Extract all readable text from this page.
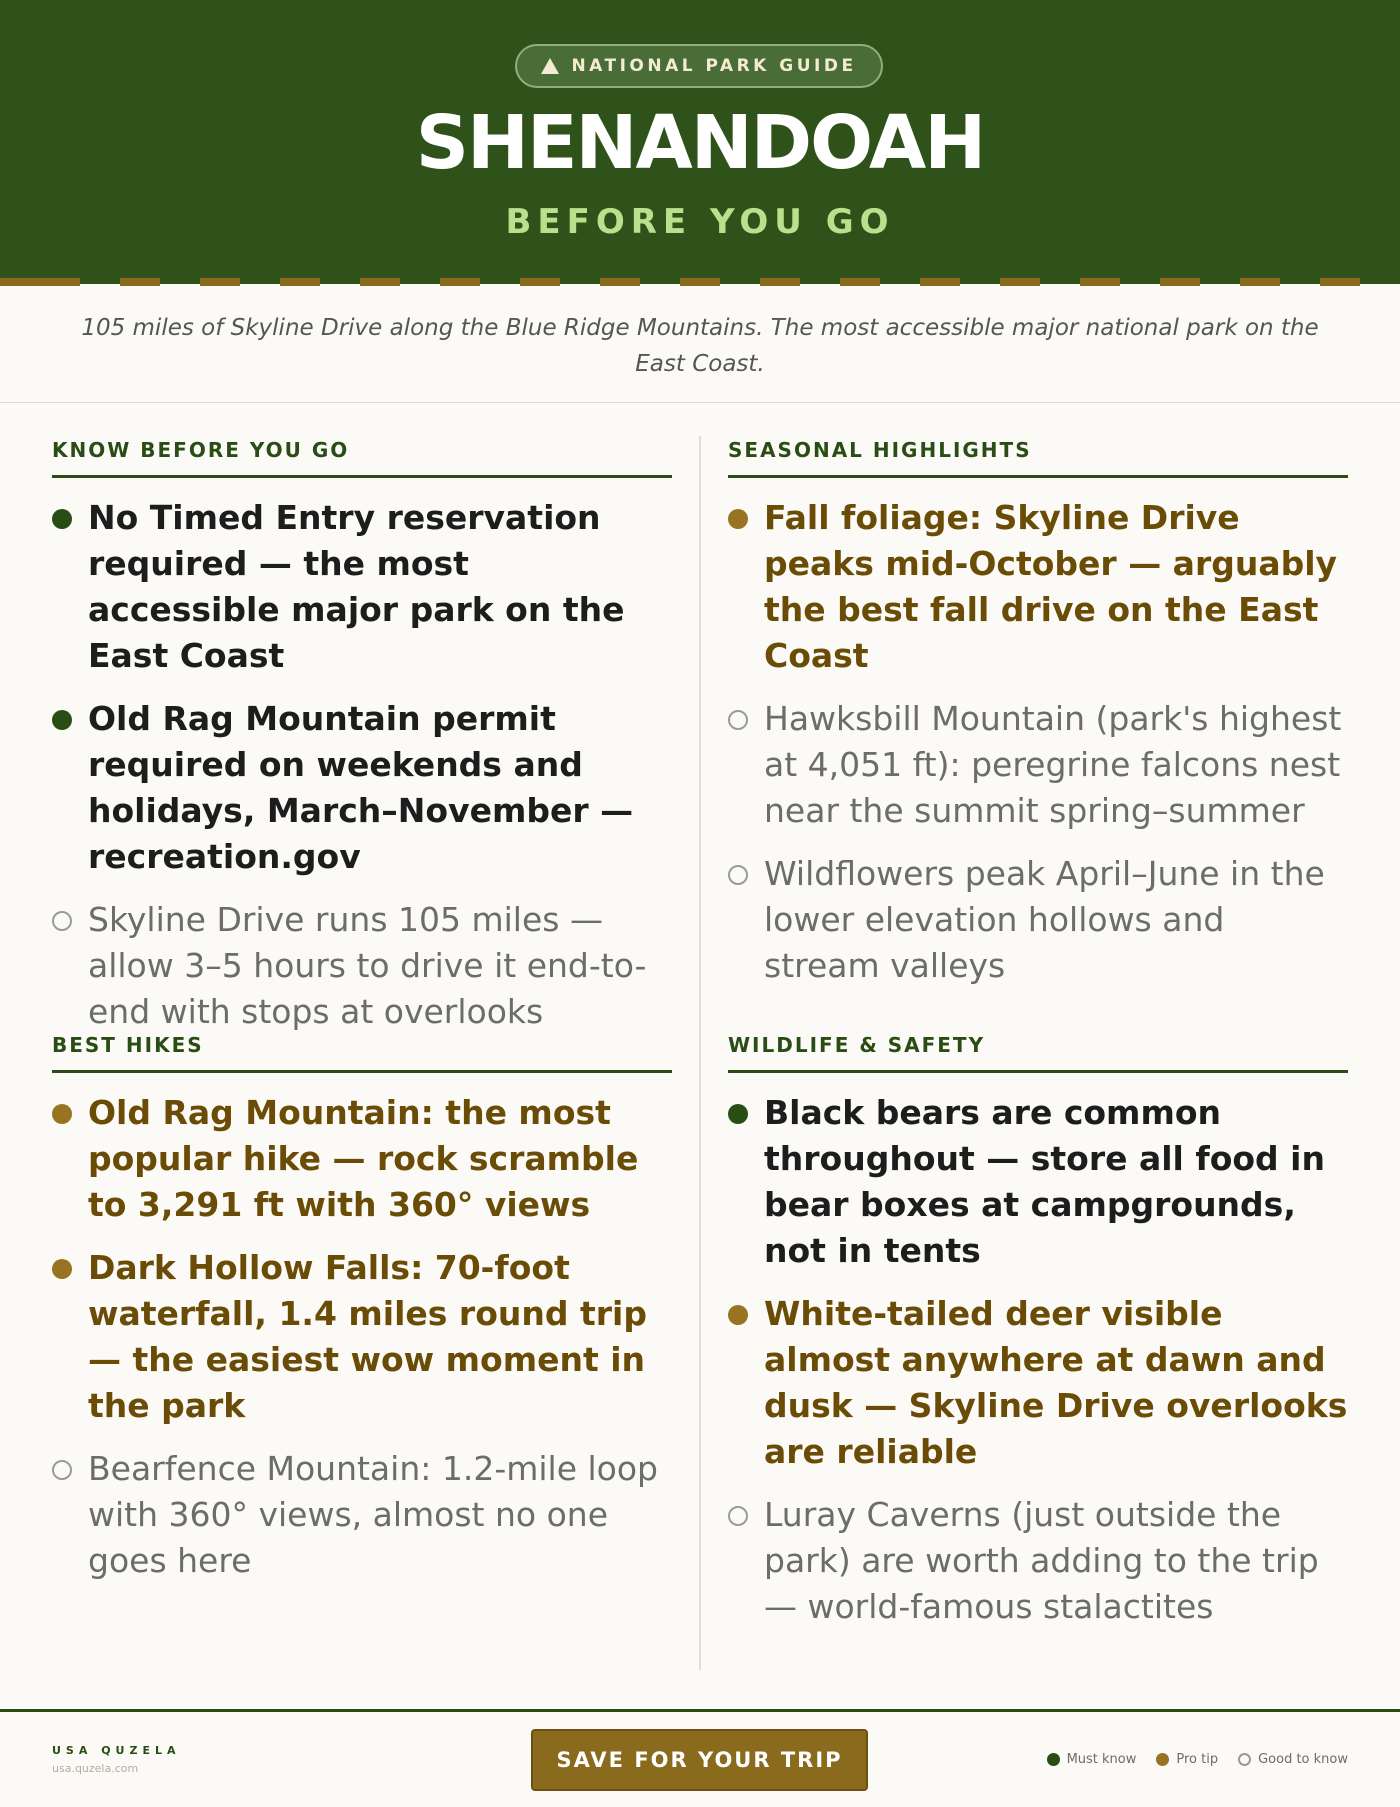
NATIONAL PARK GUIDE
SHENANDOAH
BEFORE YOU GO
105 miles of Skyline Drive along the Blue Ridge Mountains. The most accessible major national park on the East Coast.
KNOW BEFORE YOU GO
No Timed Entry reservation required — the most accessible major park on the East Coast
Old Rag Mountain permit required on weekends and holidays, March–November — recreation.gov
Skyline Drive runs 105 miles — allow 3–5 hours to drive it end-to-end with stops at overlooks
SEASONAL HIGHLIGHTS
Fall foliage: Skyline Drive peaks mid-October — arguably the best fall drive on the East Coast
Hawksbill Mountain (park's highest at 4,051 ft): peregrine falcons nest near the summit spring–summer
Wildflowers peak April–June in the lower elevation hollows and stream valleys
BEST HIKES
Old Rag Mountain: the most popular hike — rock scramble to 3,291 ft with 360° views
Dark Hollow Falls: 70-foot waterfall, 1.4 miles round trip — the easiest wow moment in the park
Bearfence Mountain: 1.2-mile loop with 360° views, almost no one goes here
WILDLIFE & SAFETY
Black bears are common throughout — store all food in bear boxes at campgrounds, not in tents
White-tailed deer visible almost anywhere at dawn and dusk — Skyline Drive overlooks are reliable
Luray Caverns (just outside the park) are worth adding to the trip — world-famous stalactites
USA QUZELA
usa.quzela.com	SAVE FOR YOUR TRIP	Must know	Pro tip	Good to know
